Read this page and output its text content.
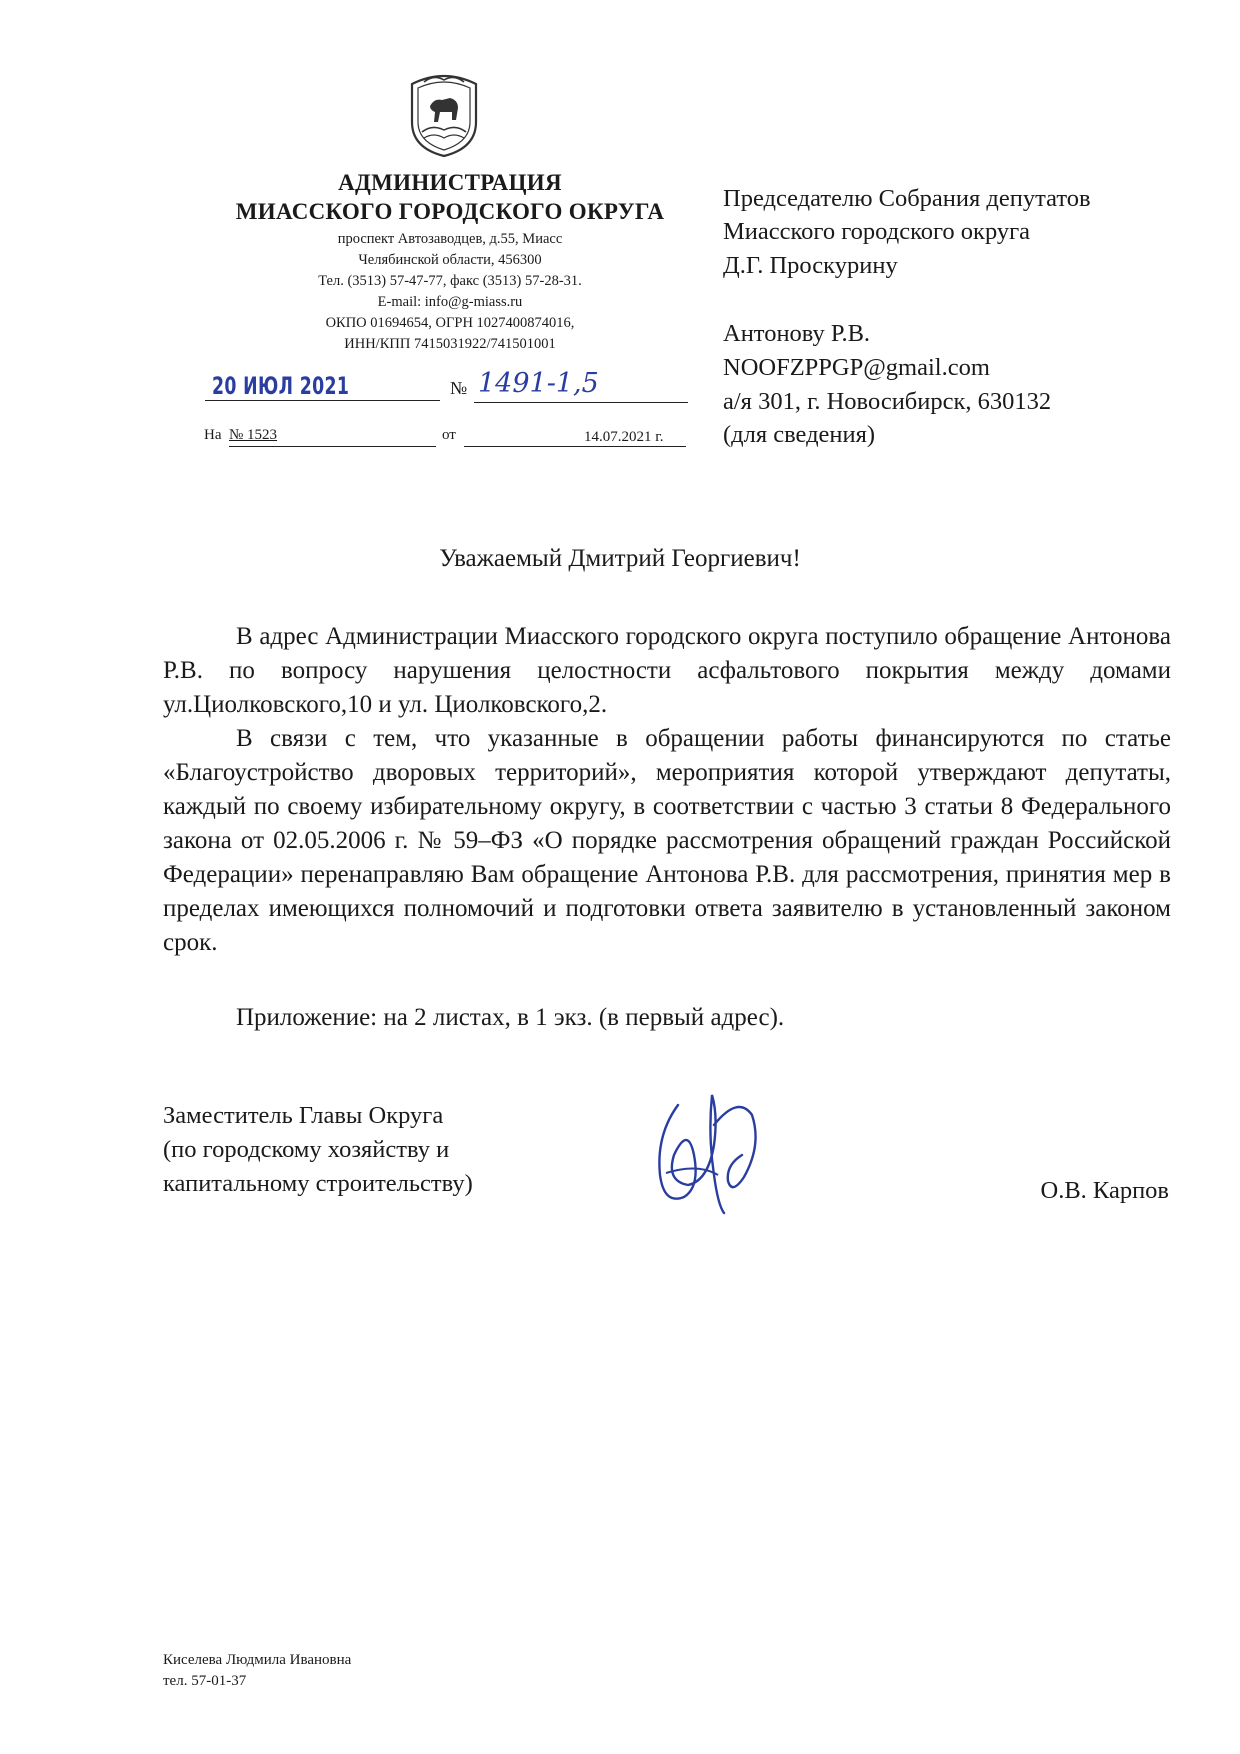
АДМИНИСТРАЦИЯ
МИАССКОГО ГОРОДСКОГО ОКРУГА
проспект Автозаводцев, д.55, Миасс
Челябинской области, 456300
Тел. (3513) 57-47-77, факс (3513) 57-28-31.
E-mail: info@g-miass.ru
ОКПО 01694654, ОГРН 1027400874016,
ИНН/КПП 7415031922/741501001
20 ИЮЛ 2021	№ 1491-1,5
На № 1523	от	14.07.2021 г.
Председателю Собрания депутатов
Миасского городского округа
Д.Г. Проскурину
Антонову Р.В.
NOOFZPPGP@gmail.com
а/я 301, г. Новосибирск, 630132
(для сведения)
Уважаемый Дмитрий Георгиевич!

В адрес Администрации Миасского городского округа поступило обращение Антонова Р.В. по вопросу нарушения целостности асфальтового покрытия между домами ул.Циолковского,10 и ул. Циолковского,2.

В связи с тем, что указанные в обращении работы финансируются по статье «Благоустройство дворовых территорий», мероприятия которой утверждают депутаты, каждый по своему избирательному округу, в соответствии с частью 3 статьи 8 Федерального закона от 02.05.2006 г. № 59–ФЗ «О порядке рассмотрения обращений граждан Российской Федерации» перенаправляю Вам обращение Антонова Р.В. для рассмотрения, принятия мер в пределах имеющихся полномочий и подготовки ответа заявителю в установленный законом срок.

Приложение: на 2 листах, в 1 экз. (в первый адрес).

Заместитель Главы Округа
(по городскому хозяйству и
капитальному строительству)	О.В. Карпов
Киселева Людмила Ивановна
тел. 57-01-37
